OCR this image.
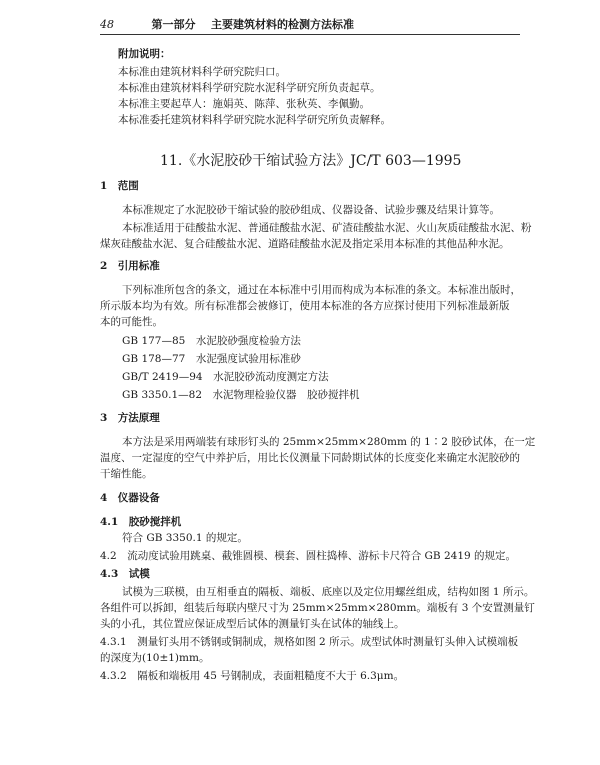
48	第一部分 主要建筑材料的检测方法标准
附加说明：
本标准由建筑材料科学研究院归口。
本标准由建筑材料科学研究院水泥科学研究所负责起草。
本标准主要起草人：施娟英、陈萍、张秋英、李佩勤。
本标准委托建筑材料科学研究院水泥科学研究所负责解释。
11.《水泥胶砂干缩试验方法》JC/T 603—1995
1　范围
本标准规定了水泥胶砂干缩试验的胶砂组成、仪器设备、试验步骤及结果计算等。
本标准适用于硅酸盐水泥、普通硅酸盐水泥、矿渣硅酸盐水泥、火山灰质硅酸盐水泥、粉
煤灰硅酸盐水泥、复合硅酸盐水泥、道路硅酸盐水泥及指定采用本标准的其他品种水泥。
2　引用标准
下列标准所包含的条文，通过在本标准中引用而构成为本标准的条文。本标准出版时，
所示版本均为有效。所有标准都会被修订，使用本标准的各方应探讨使用下列标准最新版
本的可能性。
GB 177—85　水泥胶砂强度检验方法
GB 178—77　水泥强度试验用标准砂
GB/T 2419—94　水泥胶砂流动度测定方法
GB 3350.1—82　水泥物理检验仪器　胶砂搅拌机
3　方法原理
本方法是采用两端装有球形钉头的 25mm×25mm×280mm 的 1∶2 胶砂试体，在一定
温度、一定湿度的空气中养护后，用比长仪测量下同龄期试体的长度变化来确定水泥胶砂的
干缩性能。
4　仪器设备
4.1　胶砂搅拌机
符合 GB 3350.1 的规定。
4.2　流动度试验用跳桌、截锥圆模、模套、圆柱捣棒、游标卡尺符合 GB 2419 的规定。
4.3　试模
试模为三联模，由互相垂直的隔板、端板、底座以及定位用螺丝组成，结构如图 1 所示。
各组件可以拆卸，组装后每联内壁尺寸为 25mm×25mm×280mm。端板有 3 个安置测量钉
头的小孔，其位置应保证成型后试体的测量钉头在试体的轴线上。
4.3.1　测量钉头用不锈钢或铜制成，规格如图 2 所示。成型试体时测量钉头伸入试模端板
的深度为(10±1)mm。
4.3.2　隔板和端板用 45 号钢制成，表面粗糙度不大于 6.3μm。
